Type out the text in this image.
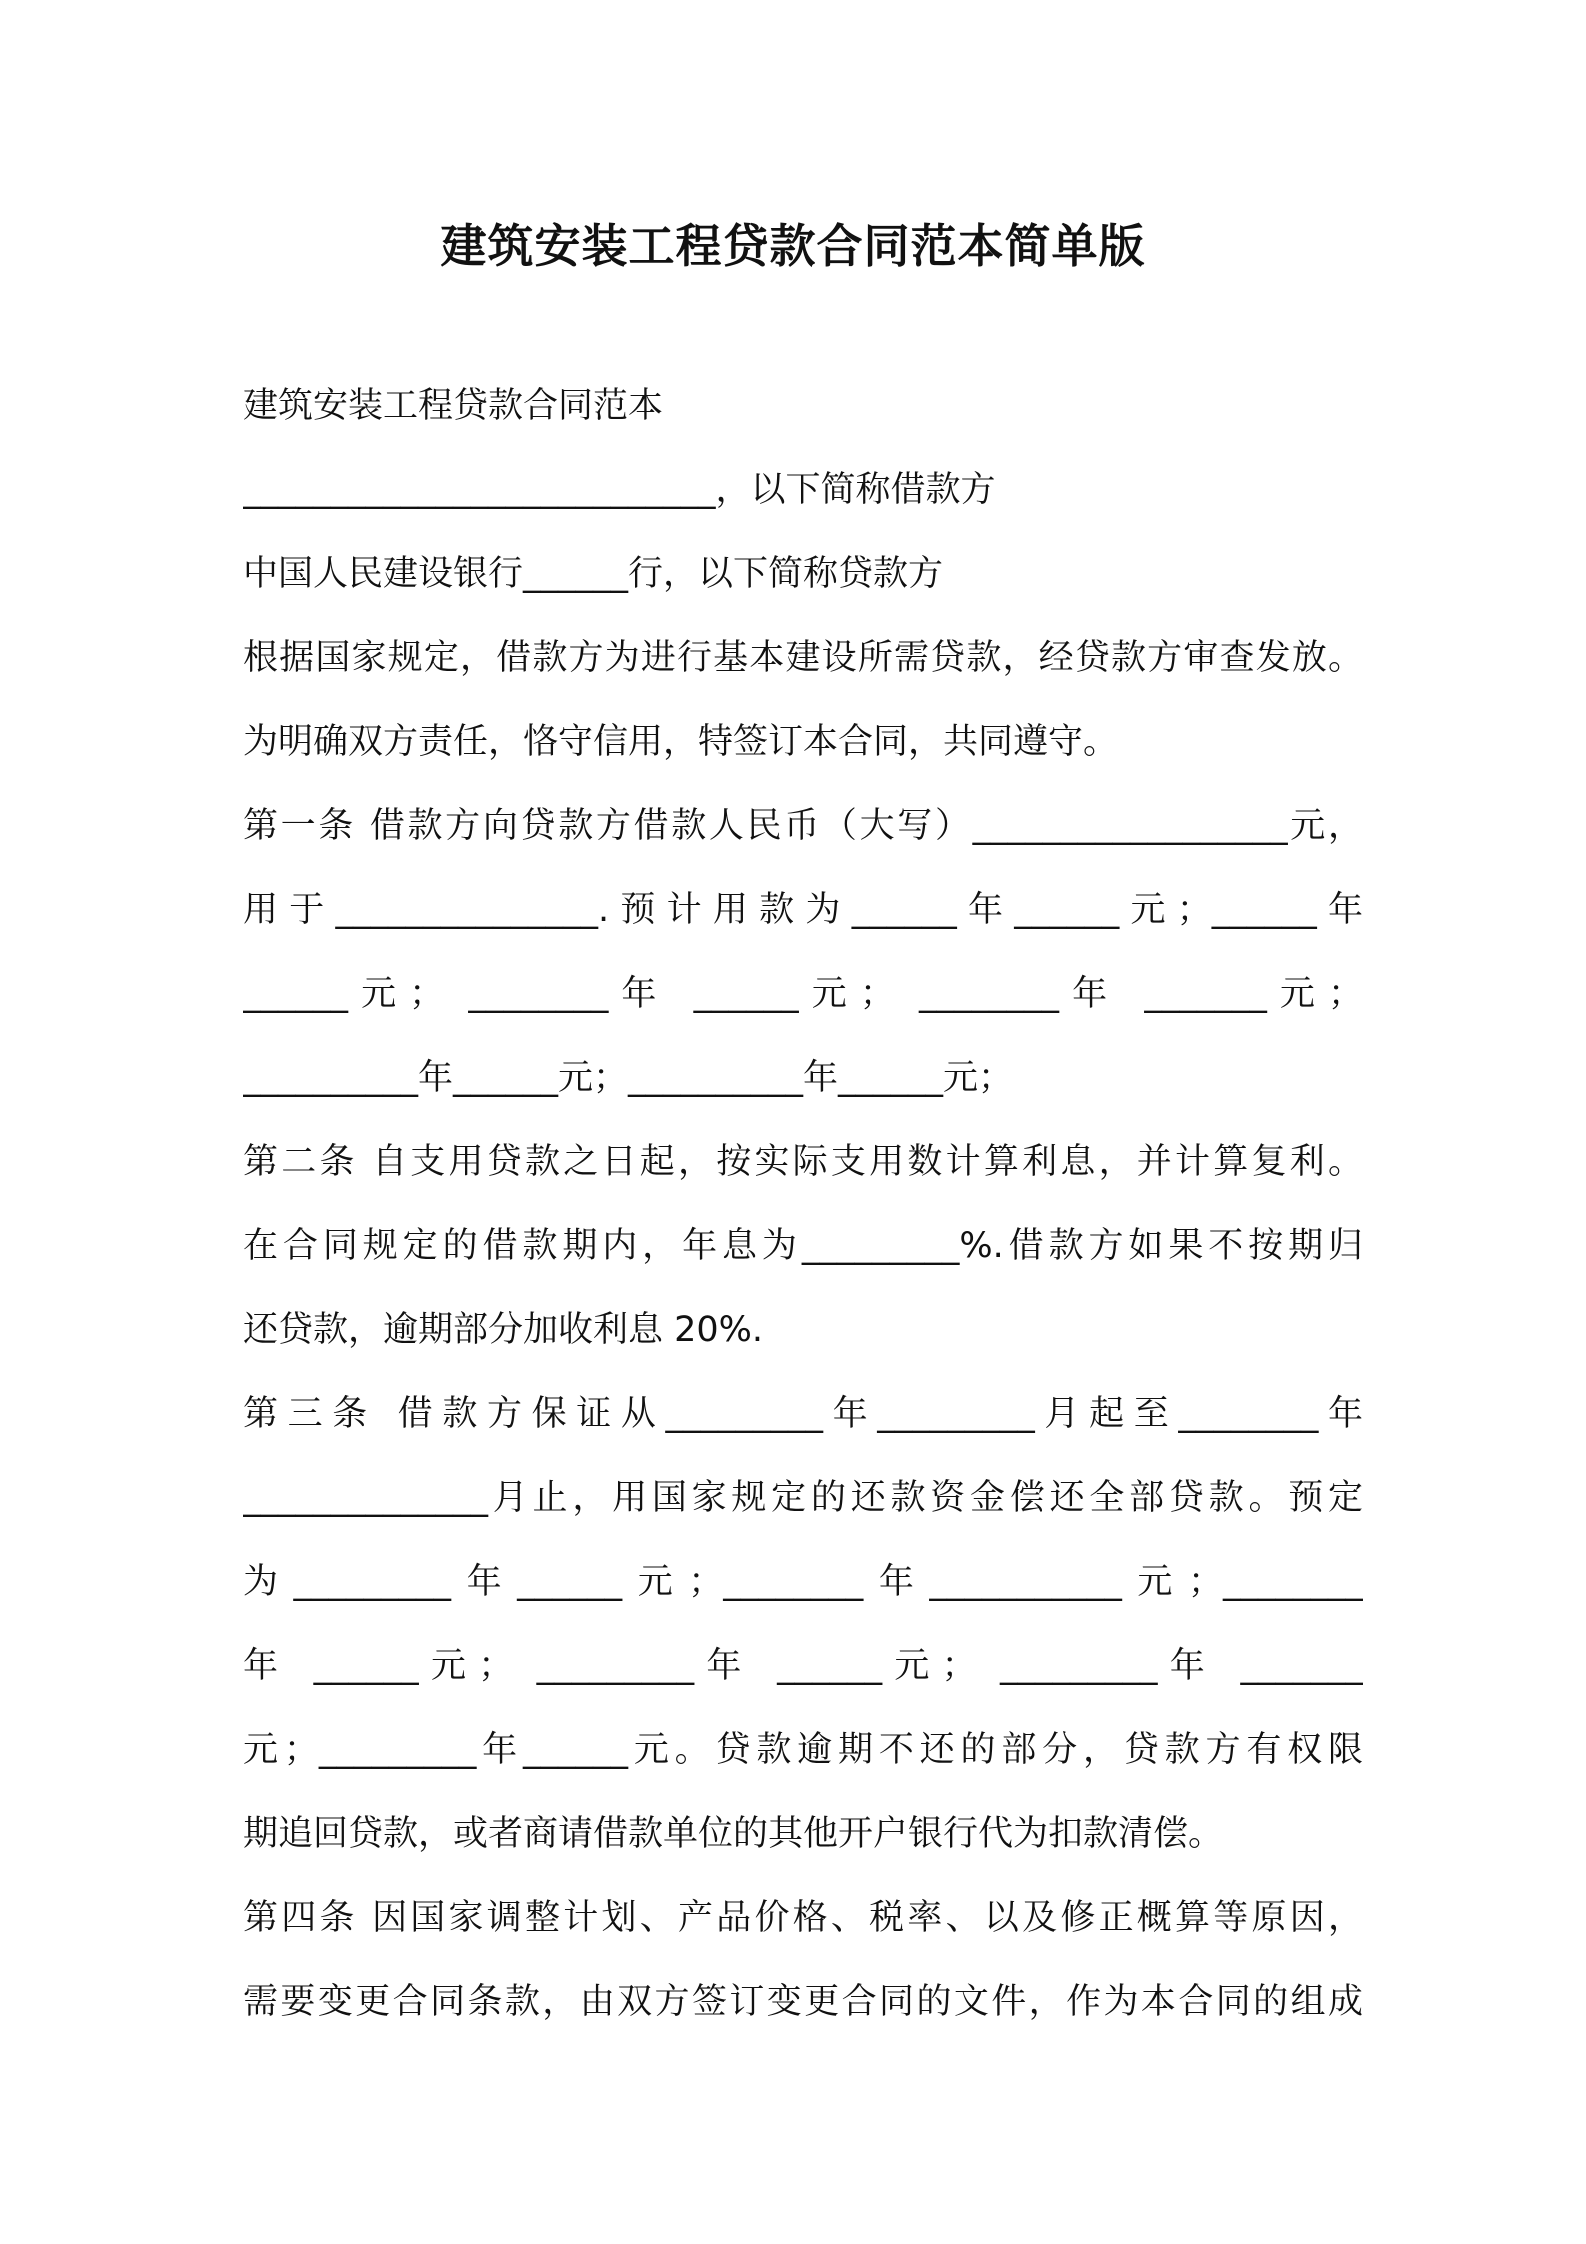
建筑安装工程贷款合同范本简单版
建筑安装工程贷款合同范本
___________________________，以下简称借款方
中国人民建设银行______行，以下简称贷款方
根据国家规定，借款方为进行基本建设所需贷款，经贷款方审查发放。
为明确双方责任，恪守信用，特签订本合同，共同遵守。
第一条 借款方向贷款方借款人民币（大写）__________________元，
用于_______________.预计用款为______年______元；______年
______元； ________年 ______元； ________年 _______元；
__________年______元；__________年______元；
第二条 自支用贷款之日起，按实际支用数计算利息，并计算复利。
在合同规定的借款期内，年息为_________%.借款方如果不按期归
还贷款，逾期部分加收利息 20%.
第三条 借款方保证从_________年_________月起至________年
______________月止，用国家规定的还款资金偿还全部贷款。预定
为_________年______元；________年___________元；________
年 ______元； _________年 ______元； _________年 _______
元；_________年______元。贷款逾期不还的部分，贷款方有权限
期追回贷款，或者商请借款单位的其他开户银行代为扣款清偿。
第四条 因国家调整计划、产品价格、税率、以及修正概算等原因，
需要变更合同条款，由双方签订变更合同的文件，作为本合同的组成
